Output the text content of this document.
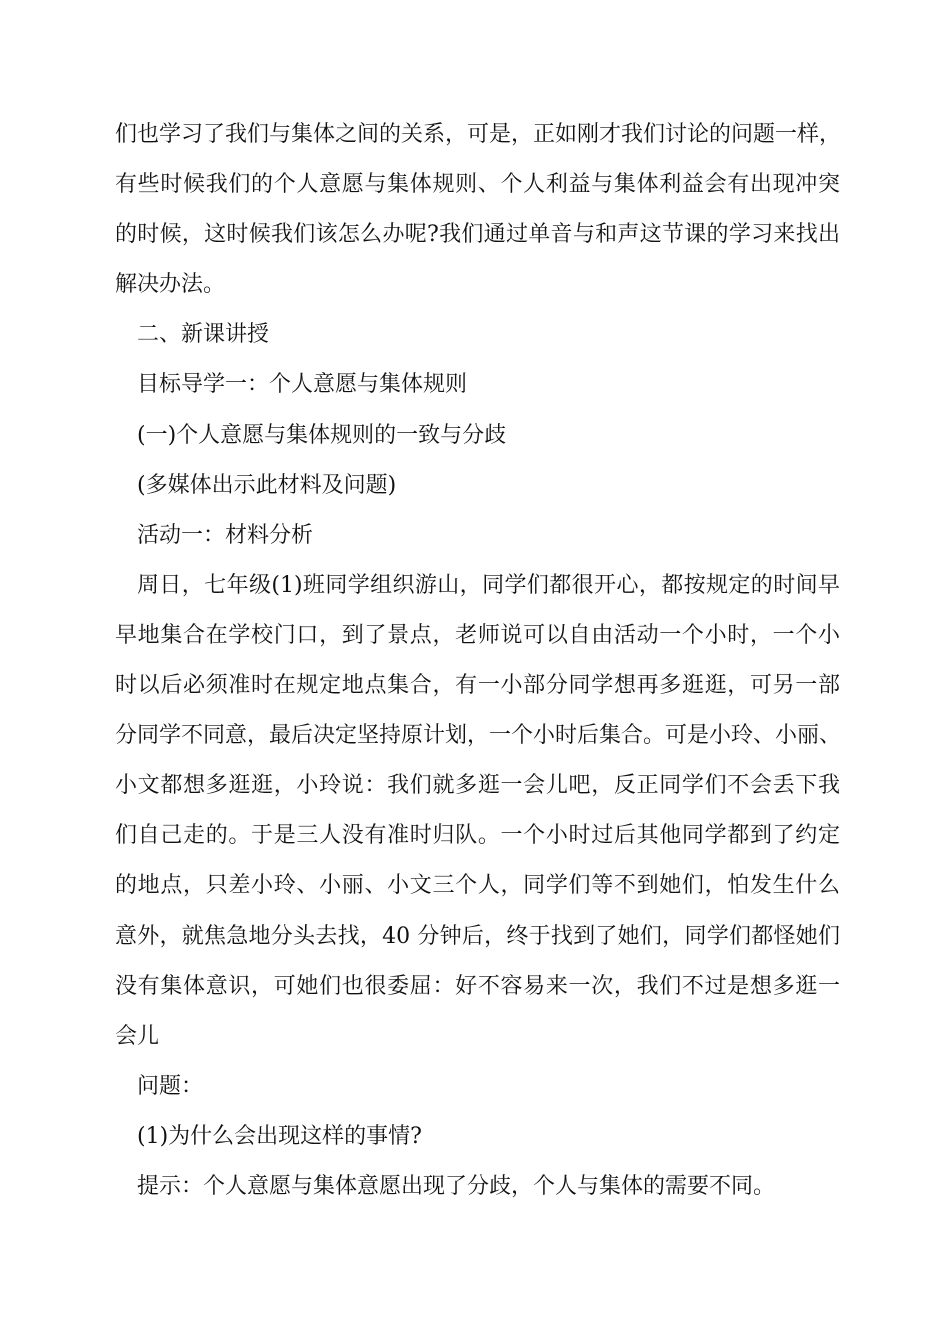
们也学习了我们与集体之间的关系，可是，正如刚才我们讨论的问题一样，
有些时候我们的个人意愿与集体规则、个人利益与集体利益会有出现冲突
的时候，这时候我们该怎么办呢?我们通过单音与和声这节课的学习来找出
解决办法。
二、新课讲授
目标导学一：个人意愿与集体规则
(一)个人意愿与集体规则的一致与分歧
(多媒体出示此材料及问题)
活动一：材料分析
周日，七年级(1)班同学组织游山，同学们都很开心，都按规定的时间早
早地集合在学校门口，到了景点，老师说可以自由活动一个小时，一个小
时以后必须准时在规定地点集合，有一小部分同学想再多逛逛，可另一部
分同学不同意，最后决定坚持原计划，一个小时后集合。可是小玲、小丽、
小文都想多逛逛，小玲说：我们就多逛一会儿吧，反正同学们不会丢下我
们自己走的。于是三人没有准时归队。一个小时过后其他同学都到了约定
的地点，只差小玲、小丽、小文三个人，同学们等不到她们，怕发生什么
意外，就焦急地分头去找，40 分钟后，终于找到了她们，同学们都怪她们
没有集体意识，可她们也很委屈：好不容易来一次，我们不过是想多逛一
会儿
问题：
(1)为什么会出现这样的事情?
提示：个人意愿与集体意愿出现了分歧，个人与集体的需要不同。
